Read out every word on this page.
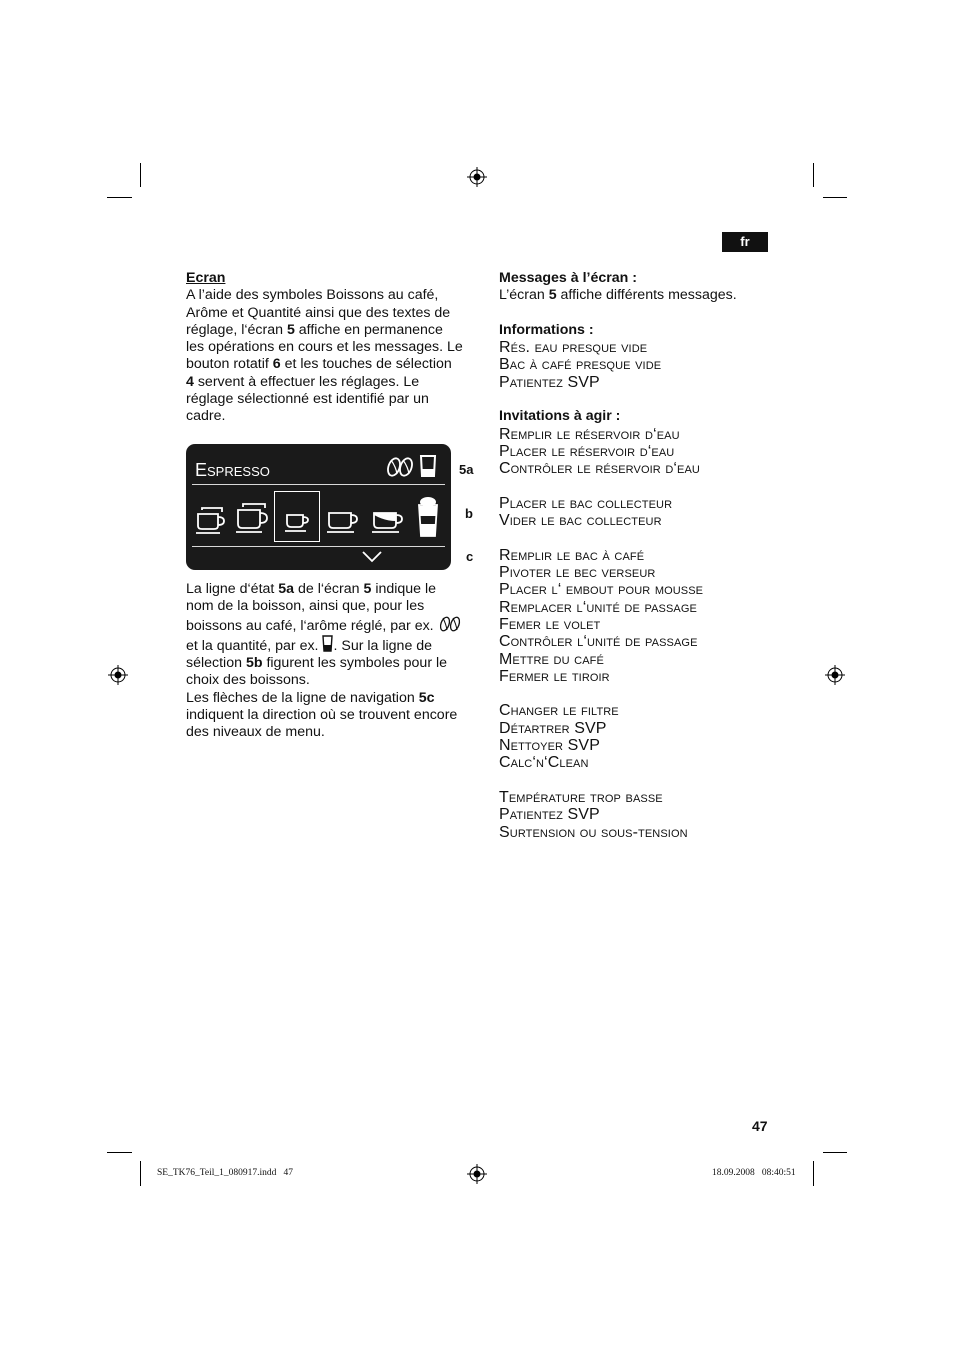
fr

Ecran

A l’aide des symboles Boissons au café,

Arôme et Quantité ainsi que des textes de

réglage, l‘écran 5 affiche en permanence

les opérations en cours et les messages. Le

bouton rotatif 6 et les touches de sélection

4 servent à effectuer les réglages. Le

réglage sélectionné est identifié par un

cadre.

Espresso	5a
b
c

La ligne d‘état 5a de l‘écran 5 indique le

nom de la boisson, ainsi que, pour les

boissons au café, l‘arôme réglé, par ex.

et la quantité, par ex. . Sur la ligne de

sélection 5b figurent les symboles pour le

choix des boissons.

Les flèches de la ligne de navigation 5c

indiquent la direction où se trouvent encore

des niveaux de menu.

Messages à l’écran :

L’écran 5 affiche différents messages.

Informations :

Rés. eau presque vide

Bac à café presque vide

Patientez SVP

Invitations à agir :

Remplir le réservoir d‘eau

Placer le réservoir d‘eau

Contrôler le réservoir d‘eau

Placer le bac collecteur

Vider le bac collecteur

Remplir le bac à café

Pivoter le bec verseur

Placer l‘ embout pour mousse

Remplacer l‘unité de passage

Femer le volet

Contrôler l‘unité de passage

Mettre du café

Fermer le tiroir

Changer le filtre

Détartrer SVP

Nettoyer SVP

Calc‘n‘Clean

Température trop basse

Patientez SVP

Surtension ou sous-tension

47
SE_TK76_Teil_1_080917.indd   47	18.09.2008   08:40:51
